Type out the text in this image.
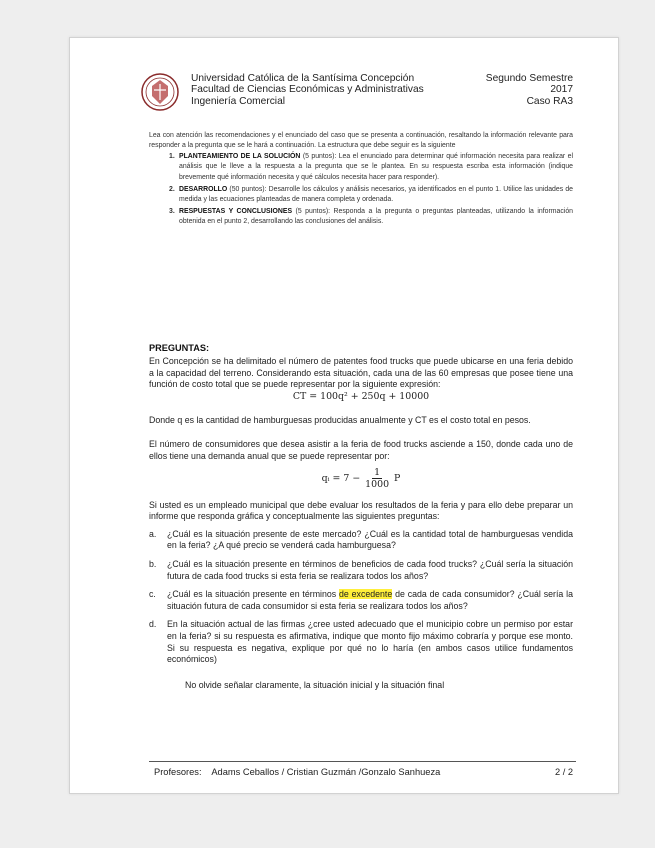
Universidad Católica de la Santísima Concepción
Facultad de Ciencias Económicas y Administrativas
Ingeniería Comercial
Segundo Semestre
2017
Caso RA3

Lea con atención las recomendaciones y el enunciado del caso que se presenta a continuación, resaltando la información relevante para responder a la pregunta que se le hará a continuación. La estructura que debe seguir es la siguiente

1. PLANTEAMIENTO DE LA SOLUCIÓN (5 puntos): Lea el enunciado para determinar qué información necesita para realizar el análisis que le lleve a la respuesta a la pregunta que se le plantea. En su respuesta escriba esta información (indique brevemente qué información necesita y qué cálculos necesita hacer para responder).
2. DESARROLLO (50 puntos): Desarrolle los cálculos y análisis necesarios, ya identificados en el punto 1. Utilice las unidades de medida y las ecuaciones planteadas de manera completa y ordenada.
3. RESPUESTAS Y CONCLUSIONES (5 puntos): Responda a la pregunta o preguntas planteadas, utilizando la información obtenida en el punto 2, desarrollando las conclusiones del análisis.

PREGUNTAS:

En Concepción se ha delimitado el número de patentes food trucks que puede ubicarse en una feria debido a la capacidad del terreno. Considerando esta situación, cada una de las 60 empresas que posee tiene una función de costo total que se puede representar por la siguiente expresión:

CT = 100q² + 250q + 10000

Donde q es la cantidad de hamburguesas producidas anualmente y CT es el costo total en pesos.

El número de consumidores que desea asistir a la feria de food trucks asciende a 150, donde cada uno de ellos tiene una demanda anual que se puede representar por:

qᵢ = $7 - \frac{1}{1000}$ P

Si usted es un empleado municipal que debe evaluar los resultados de la feria y para ello debe preparar un informe que responda gráfica y conceptualmente las siguientes preguntas:

a. ¿Cuál es la situación presente de este mercado? ¿Cuál es la cantidad total de hamburguesas vendida en la feria? ¿A qué precio se venderá cada hamburguesa?
b. ¿Cuál es la situación presente en términos de beneficios de cada food trucks? ¿Cuál sería la situación futura de cada food trucks si esta feria se realizara todos los años?
c. ¿Cuál es la situación presente en términos de excedente de cada de cada consumidor? ¿Cuál sería la situación futura de cada consumidor si esta feria se realizara todos los años?
d. En la situación actual de las firmas ¿cree usted adecuado que el municipio cobre un permiso por estar en la feria? si su respuesta es afirmativa, indique que monto fijo máximo cobraría y porque ese monto. Si su respuesta es negativa, explique por qué no lo haría (en ambos casos utilice fundamentos económicos)

No olvide señalar claramente, la situación inicial y la situación final

Profesores:    Adams Ceballos / Cristian Guzmán /Gonzalo Sanhueza	2 / 2
